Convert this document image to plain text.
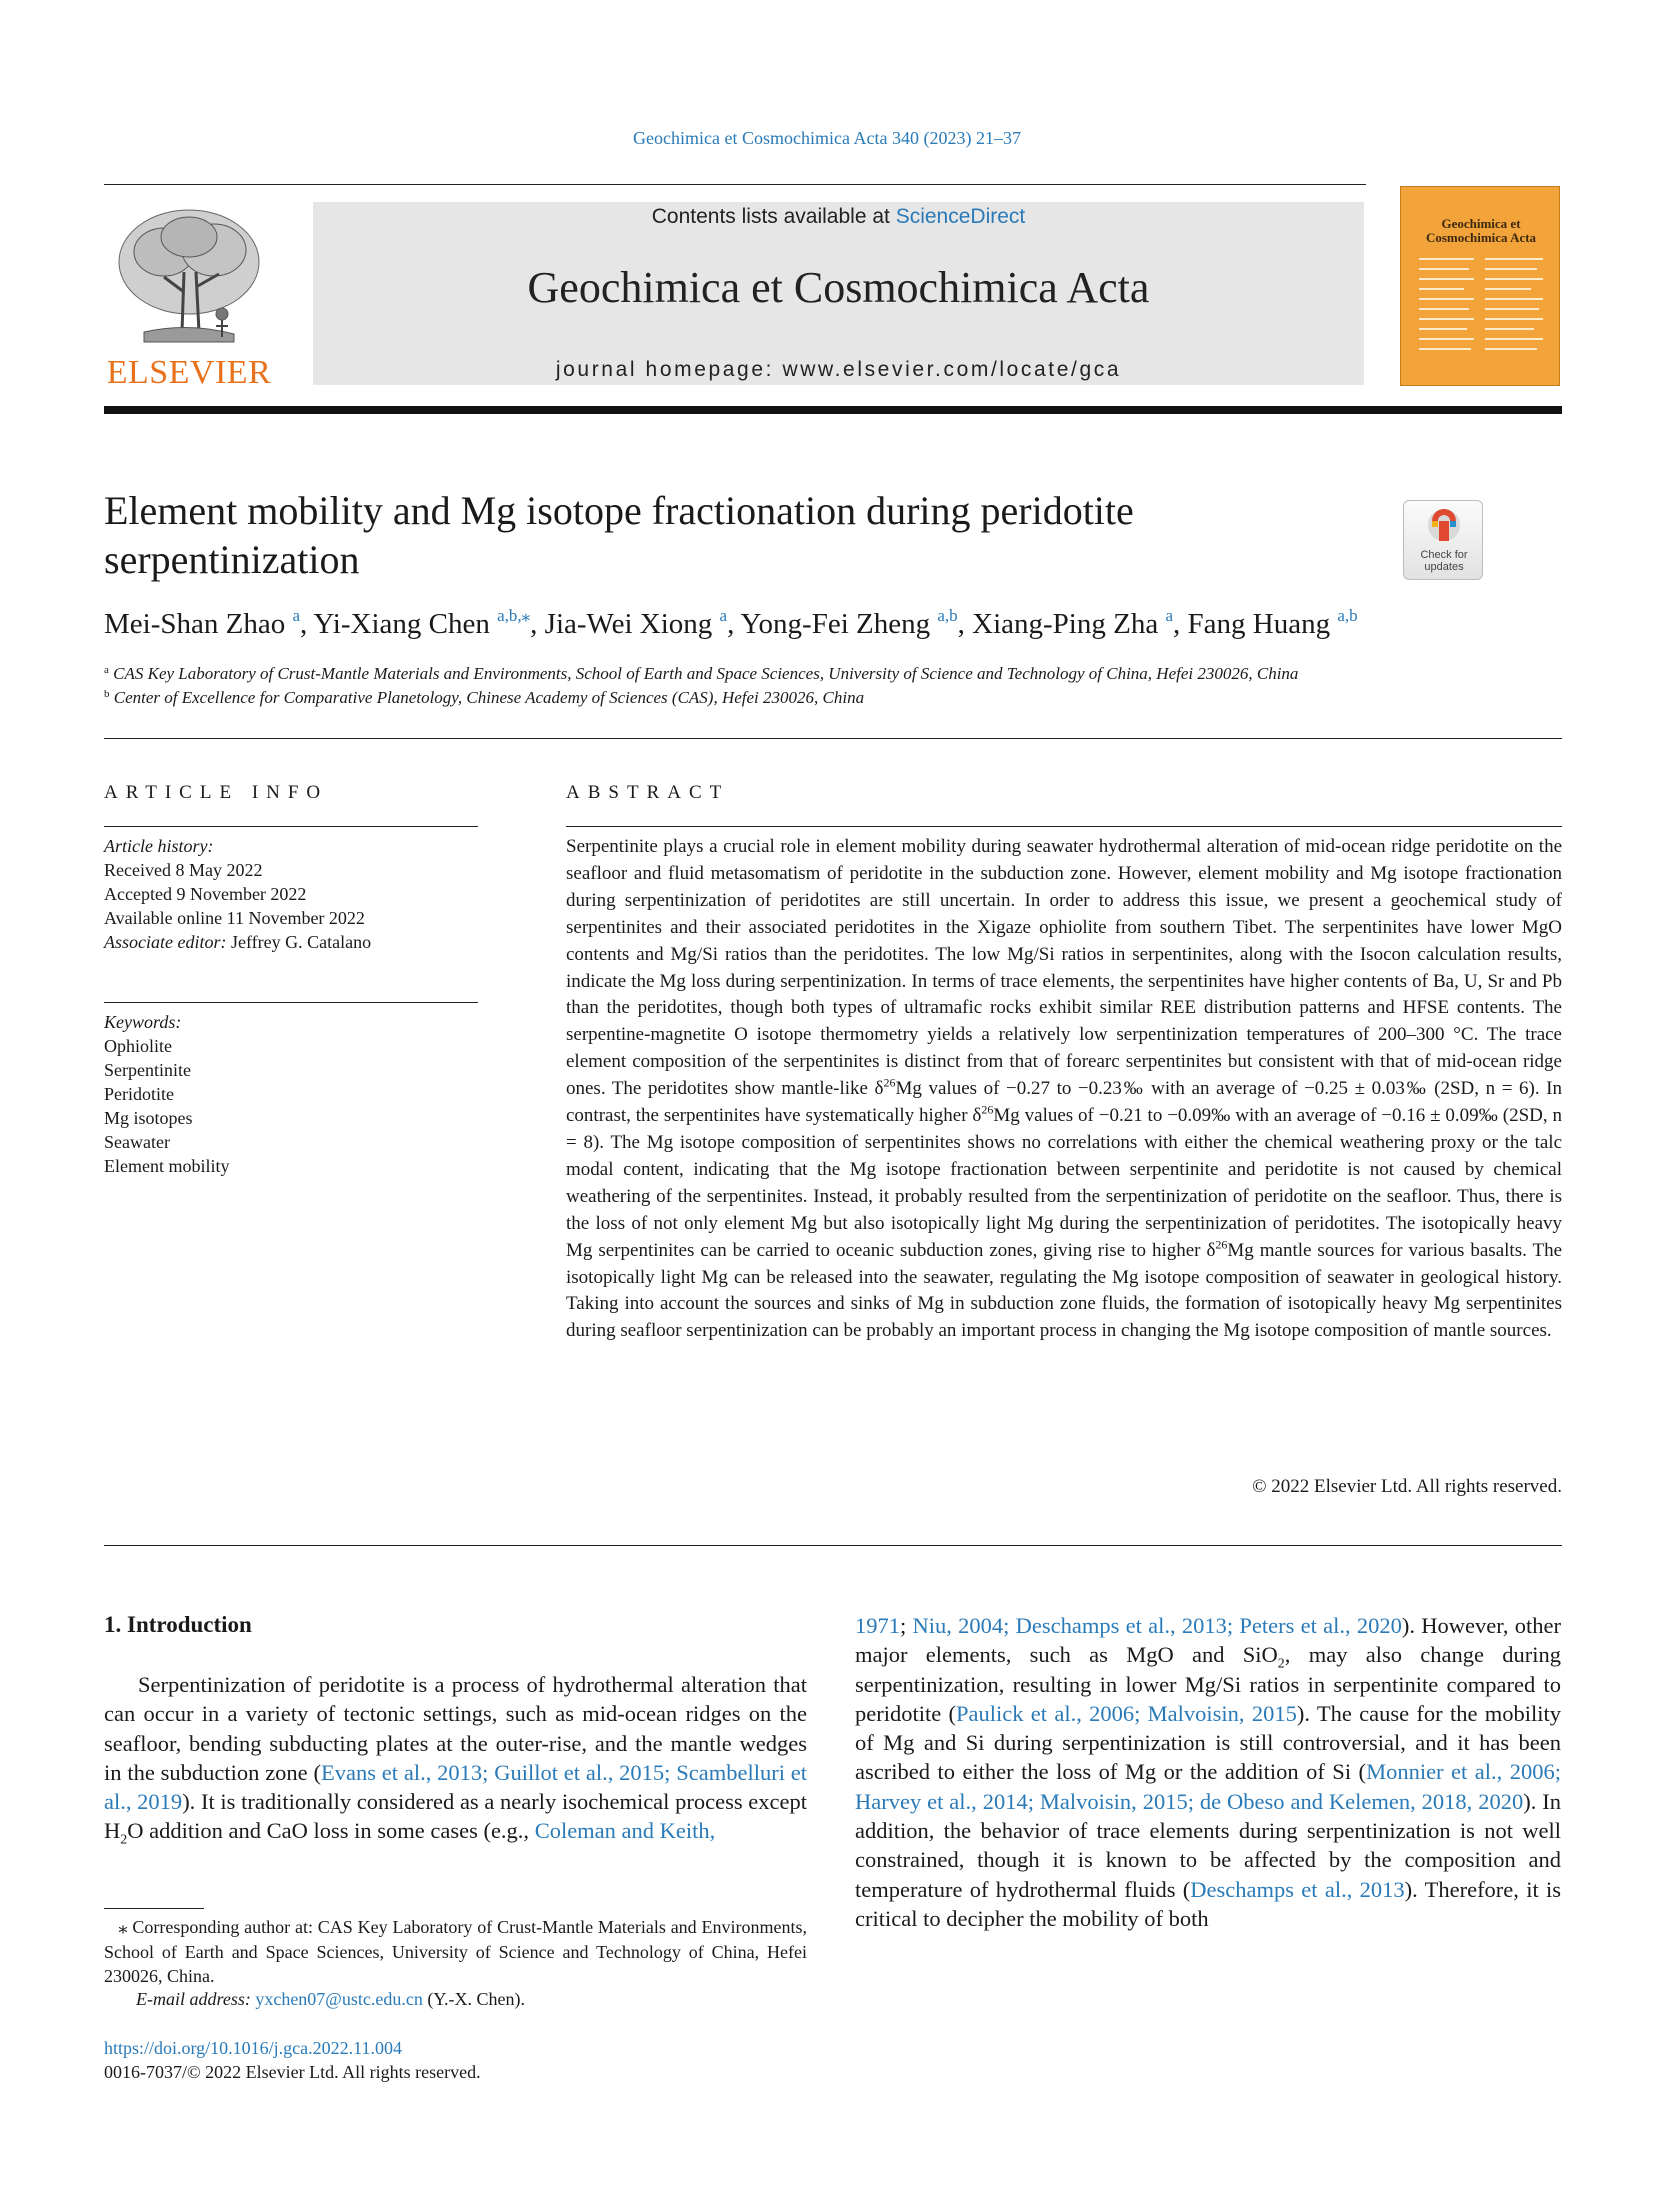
Geochimica et Cosmochimica Acta 340 (2023) 21–37
ELSEVIER
Contents lists available at ScienceDirect
Geochimica et Cosmochimica Acta
journal homepage: www.elsevier.com/locate/gca
Geochimica et Cosmochimica Acta
Element mobility and Mg isotope fractionation during peridotite serpentinization	Check for updates
Mei-Shan Zhao $^a$, Yi-Xiang Chen $^{a,b,⁎}$, Jia-Wei Xiong $^a$, Yong-Fei Zheng $^{a,b}$, Xiang-Ping Zha $^a$, Fang Huang $^{a,b}$
$^a$ CAS Key Laboratory of Crust-Mantle Materials and Environments, School of Earth and Space Sciences, University of Science and Technology of China, Hefei 230026, China
$^b$ Center of Excellence for Comparative Planetology, Chinese Academy of Sciences (CAS), Hefei 230026, China
ARTICLE INFO
Article history:
Received 8 May 2022
Accepted 9 November 2022
Available online 11 November 2022
Associate editor: Jeffrey G. Catalano
Keywords:
Ophiolite
Serpentinite
Peridotite
Mg isotopes
Seawater
Element mobility
ABSTRACT
Serpentinite plays a crucial role in element mobility during seawater hydrothermal alteration of mid-ocean ridge peridotite on the seafloor and fluid metasomatism of peridotite in the subduction zone. However, element mobility and Mg isotope fractionation during serpentinization of peridotites are still uncertain. In order to address this issue, we present a geochemical study of serpentinites and their associated peridotites in the Xigaze ophiolite from southern Tibet. The serpentinites have lower MgO contents and Mg/Si ratios than the peridotites. The low Mg/Si ratios in serpentinites, along with the Isocon calculation results, indicate the Mg loss during serpentinization. In terms of trace elements, the serpentinites have higher contents of Ba, U, Sr and Pb than the peridotites, though both types of ultramafic rocks exhibit similar REE distribution patterns and HFSE contents. The serpentine-magnetite O isotope thermometry yields a relatively low serpentinization temperatures of 200–300 °C. The trace element composition of the serpentinites is distinct from that of forearc serpentinites but consistent with that of mid-ocean ridge ones. The peridotites show mantle-like $\delta^{26}Mg$ values of −0.27 to −0.23‰ with an average of −0.25 ± 0.03‰ (2SD, n = 6). In contrast, the serpentinites have systematically higher $\delta^{26}Mg$ values of −0.21 to −0.09‰ with an average of −0.16 ± 0.09‰ (2SD, n = 8). The Mg isotope composition of serpentinites shows no correlations with either the chemical weathering proxy or the talc modal content, indicating that the Mg isotope fractionation between serpentinite and peridotite is not caused by chemical weathering of the serpentinites. Instead, it probably resulted from the serpentinization of peridotite on the seafloor. Thus, there is the loss of not only element Mg but also isotopically light Mg during the serpentinization of peridotites. The isotopically heavy Mg serpentinites can be carried to oceanic subduction zones, giving rise to higher $\delta^{26}Mg$ mantle sources for various basalts. The isotopically light Mg can be released into the seawater, regulating the Mg isotope composition of seawater in geological history. Taking into account the sources and sinks of Mg in subduction zone fluids, the formation of isotopically heavy Mg serpentinites during seafloor serpentinization can be probably an important process in changing the Mg isotope composition of mantle sources.
© 2022 Elsevier Ltd. All rights reserved.
1. Introduction
Serpentinization of peridotite is a process of hydrothermal alteration that can occur in a variety of tectonic settings, such as mid-ocean ridges on the seafloor, bending subducting plates at the outer-rise, and the mantle wedges in the subduction zone (Evans et al., 2013; Guillot et al., 2015; Scambelluri et al., 2019). It is traditionally considered as a nearly isochemical process except $H_2O$ addition and CaO loss in some cases (e.g., Coleman and Keith,
1971; Niu, 2004; Deschamps et al., 2013; Peters et al., 2020). However, other major elements, such as MgO and SiO$_2$, may also change during serpentinization, resulting in lower Mg/Si ratios in serpentinite compared to peridotite (Paulick et al., 2006; Malvoisin, 2015). The cause for the mobility of Mg and Si during serpentinization is still controversial, and it has been ascribed to either the loss of Mg or the addition of Si (Monnier et al., 2006; Harvey et al., 2014; Malvoisin, 2015; de Obeso and Kelemen, 2018, 2020). In addition, the behavior of trace elements during serpentinization is not well constrained, though it is known to be affected by the composition and temperature of hydrothermal fluids (Deschamps et al., 2013). Therefore, it is critical to decipher the mobility of both
⁎ Corresponding author at: CAS Key Laboratory of Crust-Mantle Materials and Environments, School of Earth and Space Sciences, University of Science and Technology of China, Hefei 230026, China.
E-mail address: yxchen07@ustc.edu.cn (Y.-X. Chen).
https://doi.org/10.1016/j.gca.2022.11.004
0016-7037/© 2022 Elsevier Ltd. All rights reserved.
